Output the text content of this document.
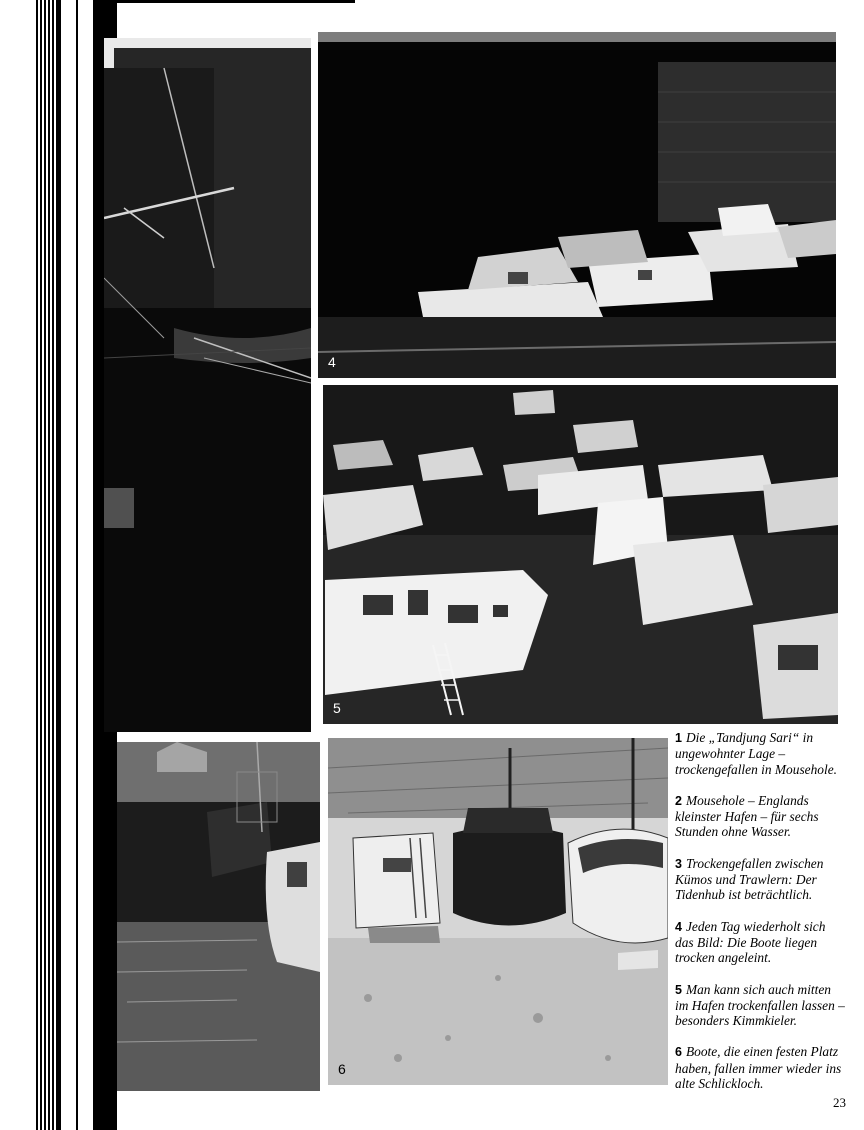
4
5
6

1 Die „Tandjung Sari“ in ungewohnter Lage – trockengefallen in Mousehole.

2 Mousehole – Englands kleinster Hafen – für sechs Stunden ohne Wasser.

3 Trockengefallen zwischen Kümos und Trawlern: Der Tidenhub ist beträchtlich.

4 Jeden Tag wiederholt sich das Bild: Die Boote liegen trocken angeleint.

5 Man kann sich auch mitten im Hafen trockenfallen lassen – besonders Kimmkieler.

6 Boote, die einen festen Platz haben, fallen immer wieder ins alte Schlickloch.

23
